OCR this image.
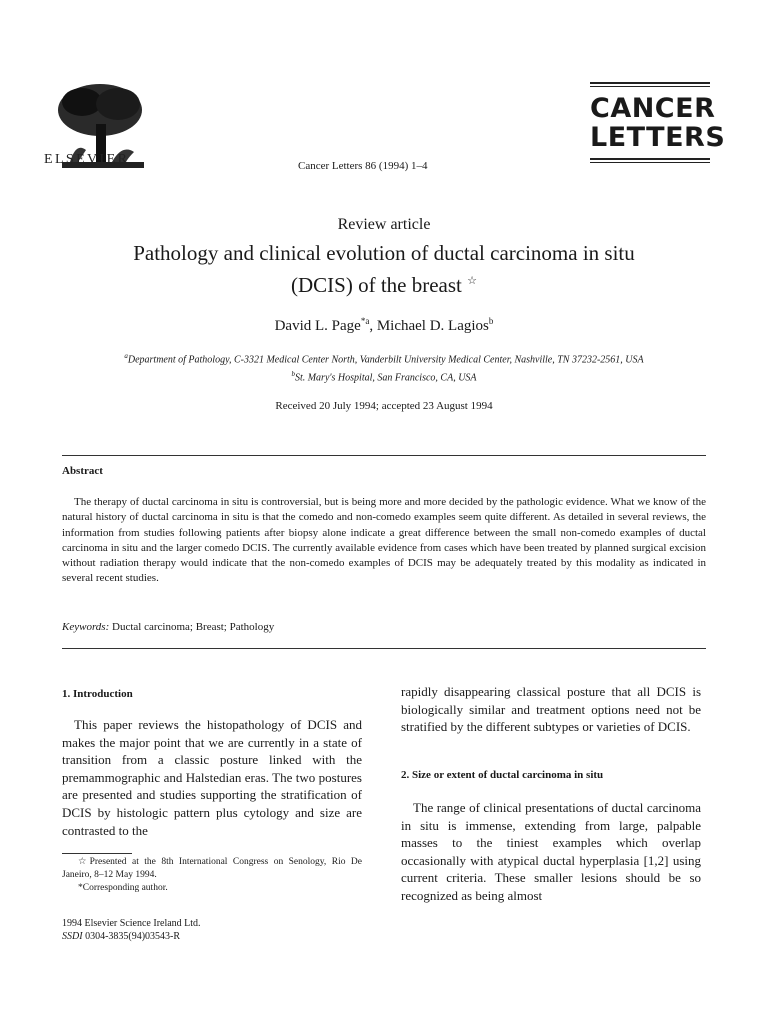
ELSEVIER	Cancer Letters 86 (1994) 1–4
CANCER
LETTERS
Review article
Pathology and clinical evolution of ductal carcinoma in situ
(DCIS) of the breast ☆
David L. Page$^{*a}$, Michael D. Lagios$^b$
$^a$Department of Pathology, C-3321 Medical Center North, Vanderbilt University Medical Center, Nashville, TN 37232-2561, USA
$^b$St. Mary's Hospital, San Francisco, CA, USA
Received 20 July 1994; accepted 23 August 1994
Abstract
The therapy of ductal carcinoma in situ is controversial, but is being more and more decided by the pathologic evidence. What we know of the natural history of ductal carcinoma in situ is that the comedo and non-comedo examples seem quite different. As detailed in several reviews, the information from studies following patients after biopsy alone indicate a great difference between the small non-comedo examples of ductal carcinoma in situ and the larger comedo DCIS. The currently available evidence from cases which have been treated by planned surgical excision without radiation therapy would indicate that the non-comedo examples of DCIS may be adequately treated by this modality as indicated in several recent studies.
Keywords: Ductal carcinoma; Breast; Pathology
1. Introduction
This paper reviews the histopathology of DCIS and makes the major point that we are currently in a state of transition from a classic posture linked with the premammographic and Halstedian eras. The two postures are presented and studies supporting the stratification of DCIS by histologic pattern plus cytology and size are contrasted to the
☆Presented at the 8th International Congress on Senology, Rio De Janeiro, 8–12 May 1994.
*Corresponding author.
1994 Elsevier Science Ireland Ltd.
SSDI 0304-3835(94)03543-R
rapidly disappearing classical posture that all DCIS is biologically similar and treatment options need not be stratified by the different subtypes or varieties of DCIS.
2. Size or extent of ductal carcinoma in situ
The range of clinical presentations of ductal carcinoma in situ is immense, extending from large, palpable masses to the tiniest examples which overlap occasionally with atypical ductal hyperplasia [1,2] using current criteria. These smaller lesions should be so recognized as being almost
